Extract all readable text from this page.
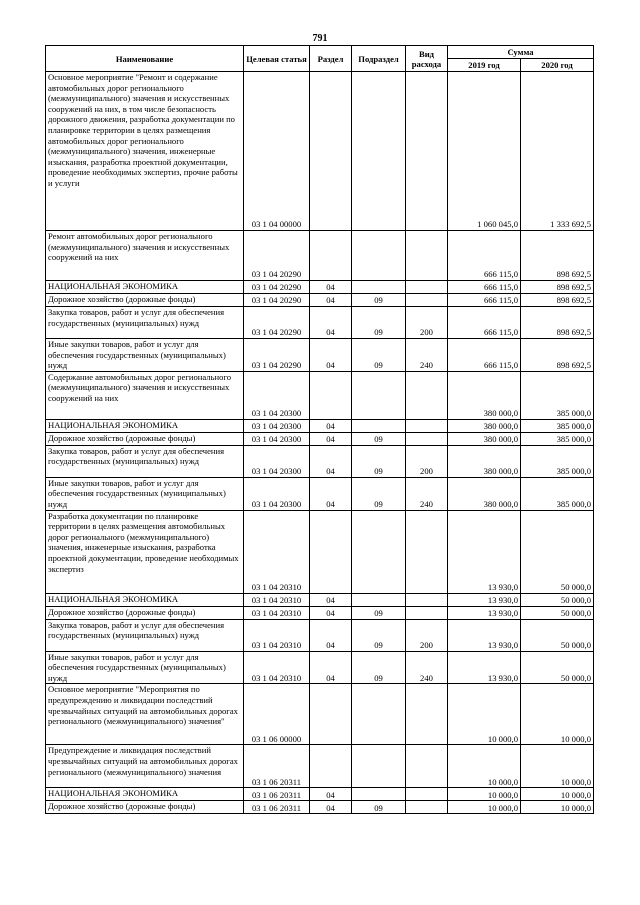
791
Наименование	Целевая статья	Раздел	Подраздел	Вид расхода	Сумма	
					2019 год	2020 год
Основное мероприятие "Ремонт и содержание автомобильных дорог регионального (межмуниципального) значения и искусственных сооружений на них, в том числе безопасность дорожного движения, разработка документации по планировке территории в целях размещения автомобильных дорог регионального (межмуниципального) значения, инженерные изыскания, разработка проектной документации, проведение необходимых экспертиз, прочие работы и услуги	03 1 04 00000				1 060 045,0	1 333 692,5
Ремонт автомобильных дорог регионального (межмуниципального) значения и искусственных сооружений на них	03 1 04 20290				666 115,0	898 692,5
НАЦИОНАЛЬНАЯ ЭКОНОМИКА	03 1 04 20290	04			666 115,0	898 692,5
Дорожное хозяйство (дорожные фонды)	03 1 04 20290	04	09		666 115,0	898 692,5
Закупка товаров, работ и услуг для обеспечения государственных (муниципальных) нужд	03 1 04 20290	04	09	200	666 115,0	898 692,5
Иные закупки товаров, работ и услуг для обеспечения государственных (муниципальных) нужд	03 1 04 20290	04	09	240	666 115,0	898 692,5
Содержание автомобильных дорог регионального (межмуниципального) значения и искусственных сооружений на них	03 1 04 20300				380 000,0	385 000,0
НАЦИОНАЛЬНАЯ ЭКОНОМИКА	03 1 04 20300	04			380 000,0	385 000,0
Дорожное хозяйство (дорожные фонды)	03 1 04 20300	04	09		380 000,0	385 000,0
Закупка товаров, работ и услуг для обеспечения государственных (муниципальных) нужд	03 1 04 20300	04	09	200	380 000,0	385 000,0
Иные закупки товаров, работ и услуг для обеспечения государственных (муниципальных) нужд	03 1 04 20300	04	09	240	380 000,0	385 000,0
Разработка документации по планировке территории в целях размещения автомобильных дорог регионального (межмуниципального) значения, инженерные изыскания, разработка проектной документации, проведение необходимых экспертиз	03 1 04 20310				13 930,0	50 000,0
НАЦИОНАЛЬНАЯ ЭКОНОМИКА	03 1 04 20310	04			13 930,0	50 000,0
Дорожное хозяйство (дорожные фонды)	03 1 04 20310	04	09		13 930,0	50 000,0
Закупка товаров, работ и услуг для обеспечения государственных (муниципальных) нужд	03 1 04 20310	04	09	200	13 930,0	50 000,0
Иные закупки товаров, работ и услуг для обеспечения государственных (муниципальных) нужд	03 1 04 20310	04	09	240	13 930,0	50 000,0
Основное мероприятие "Мероприятия по предупреждению и ликвидации последствий чрезвычайных ситуаций на автомобильных дорогах регионального (межмуниципального) значения"	03 1 06 00000				10 000,0	10 000,0
Предупреждение и ликвидация последствий чрезвычайных ситуаций на автомобильных дорогах регионального (межмуниципального) значения	03 1 06 20311				10 000,0	10 000,0
НАЦИОНАЛЬНАЯ ЭКОНОМИКА	03 1 06 20311	04			10 000,0	10 000,0
Дорожное хозяйство (дорожные фонды)	03 1 06 20311	04	09		10 000,0	10 000,0
